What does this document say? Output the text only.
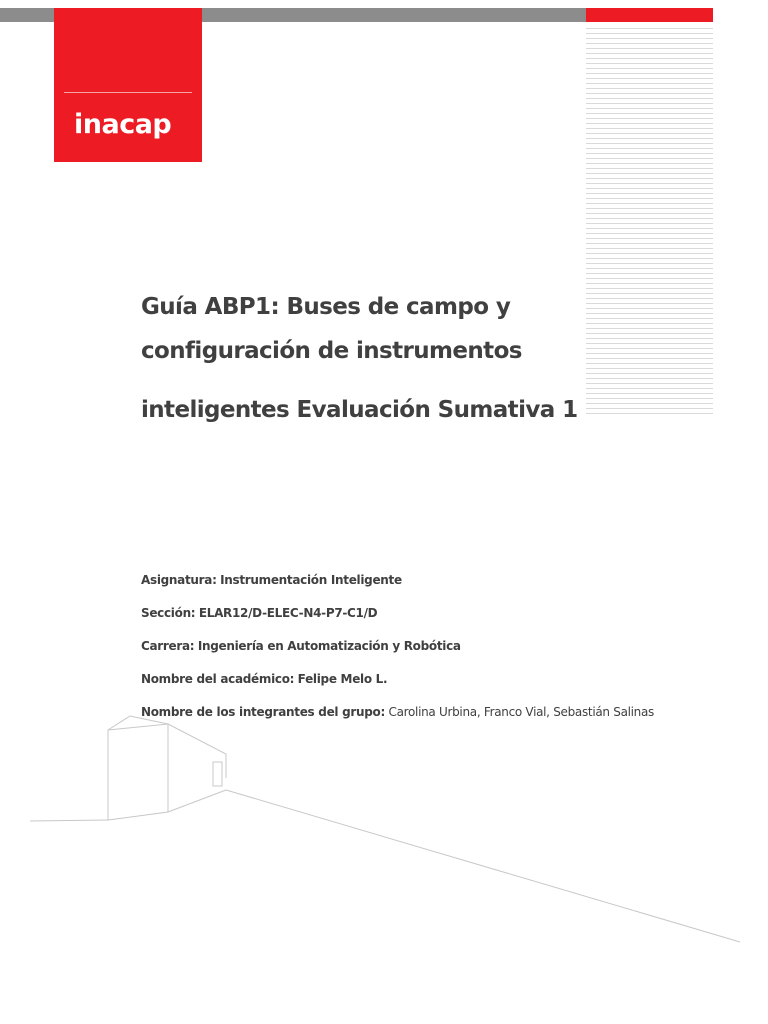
inacap
Guía ABP1: Buses de campo y
configuración de instrumentos
inteligentes Evaluación Sumativa 1
Asignatura: Instrumentación Inteligente
Sección: ELAR12/D-ELEC-N4-P7-C1/D
Carrera: Ingeniería en Automatización y Robótica
Nombre del académico: Felipe Melo L.
Nombre de los integrantes del grupo: Carolina Urbina, Franco Vial, Sebastián Salinas
